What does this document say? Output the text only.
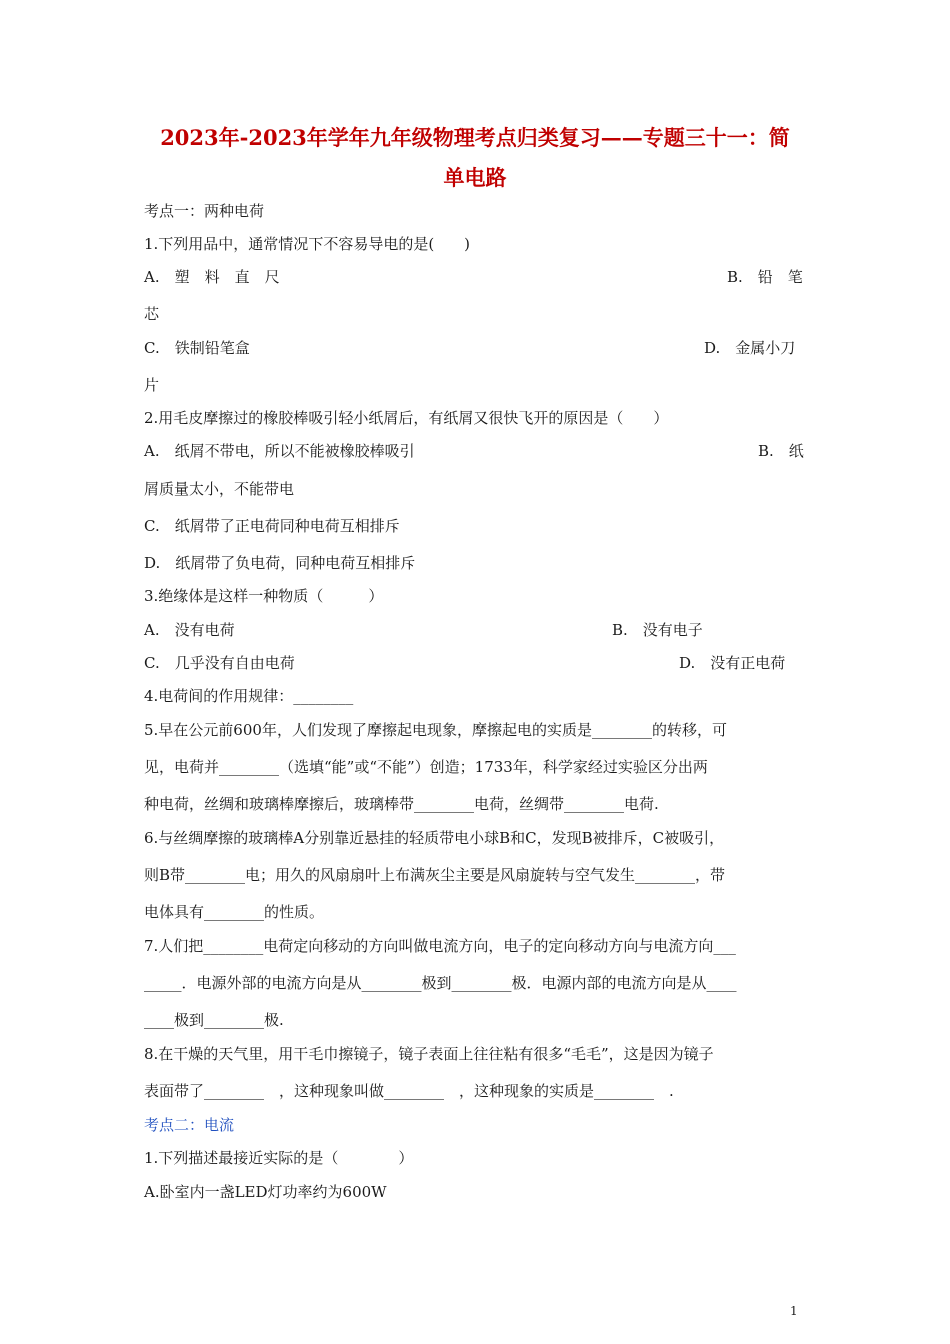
2023年-2023年学年九年级物理考点归类复习——专题三十一：简
单电路
考点一：两种电荷
1.下列用品中，通常情况下不容易导电的是(　　)
A.　塑　料　直　尺	B.　铅　笔
芯
C.　铁制铅笔盒	D.　金属小刀
片
2.用毛皮摩擦过的橡胶棒吸引轻小纸屑后，有纸屑又很快飞开的原因是（　　）
A.　纸屑不带电，所以不能被橡胶棒吸引	B.　纸
屑质量太小，不能带电
C.　纸屑带了正电荷同种电荷互相排斥
D.　纸屑带了负电荷，同种电荷互相排斥
3.绝缘体是这样一种物质（　　　）
A.　没有电荷	B.　没有电子
C.　几乎没有自由电荷	D.　没有正电荷
4.电荷间的作用规律：________
5.早在公元前600年，人们发现了摩擦起电现象，摩擦起电的实质是________的转移，可
见，电荷并________（选填“能”或“不能”）创造；1733年，科学家经过实验区分出两
种电荷，丝绸和玻璃棒摩擦后，玻璃棒带________电荷，丝绸带________电荷.
6.与丝绸摩擦的玻璃棒A分别靠近悬挂的轻质带电小球B和C，发现B被排斥，C被吸引，
则B带________电；用久的风扇扇叶上布满灰尘主要是风扇旋转与空气发生________，带
电体具有________的性质。
7.人们把________电荷定向移动的方向叫做电流方向，电子的定向移动方向与电流方向___
_____．电源外部的电流方向是从________极到________极．电源内部的电流方向是从____
____极到________极.
8.在干燥的天气里，用干毛巾擦镜子，镜子表面上往往粘有很多“毛毛”，这是因为镜子
表面带了________　，这种现象叫做________　，这种现象的实质是________　.
考点二：电流
1.下列描述最接近实际的是（　　　　）
A.卧室内一盏LED灯功率约为600W
1
